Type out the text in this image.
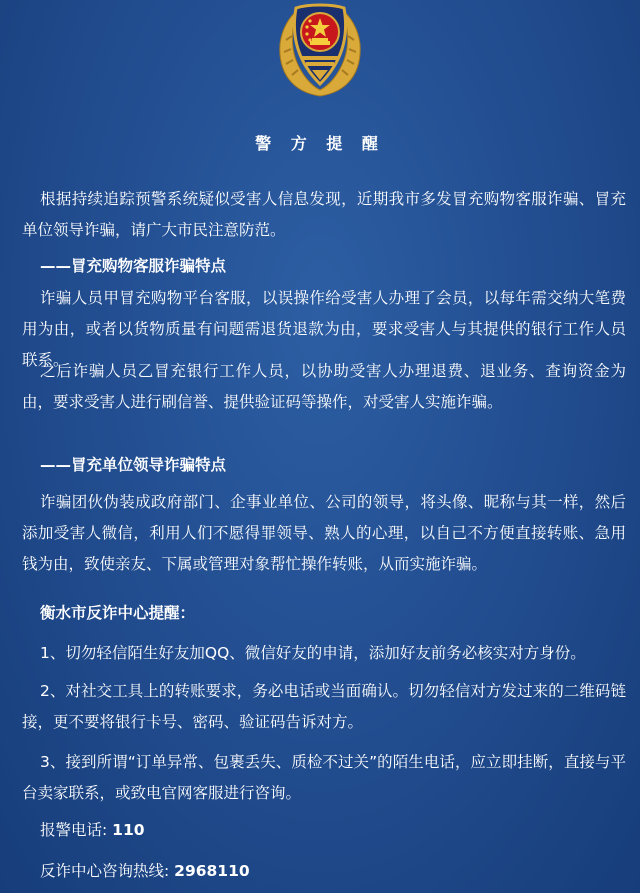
警 方 提 醒
根据持续追踪预警系统疑似受害人信息发现，近期我市多发冒充购物客服诈骗、冒充单位领导诈骗，请广大市民注意防范。
——冒充购物客服诈骗特点
诈骗人员甲冒充购物平台客服，以误操作给受害人办理了会员，以每年需交纳大笔费用为由，或者以货物质量有问题需退货退款为由，要求受害人与其提供的银行工作人员联系。
之后诈骗人员乙冒充银行工作人员，以协助受害人办理退费、退业务、查询资金为由，要求受害人进行刷信誉、提供验证码等操作，对受害人实施诈骗。
——冒充单位领导诈骗特点
诈骗团伙伪装成政府部门、企事业单位、公司的领导，将头像、昵称与其一样，然后添加受害人微信，利用人们不愿得罪领导、熟人的心理，以自己不方便直接转账、急用钱为由，致使亲友、下属或管理对象帮忙操作转账，从而实施诈骗。
衡水市反诈中心提醒：
1、切勿轻信陌生好友加QQ、微信好友的申请，添加好友前务必核实对方身份。
2、对社交工具上的转账要求，务必电话或当面确认。切勿轻信对方发过来的二维码链接，更不要将银行卡号、密码、验证码告诉对方。
3、接到所谓“订单异常、包裹丢失、质检不过关”的陌生电话，应立即挂断，直接与平台卖家联系，或致电官网客服进行咨询。
报警电话: 110
反诈中心咨询热线: 2968110
